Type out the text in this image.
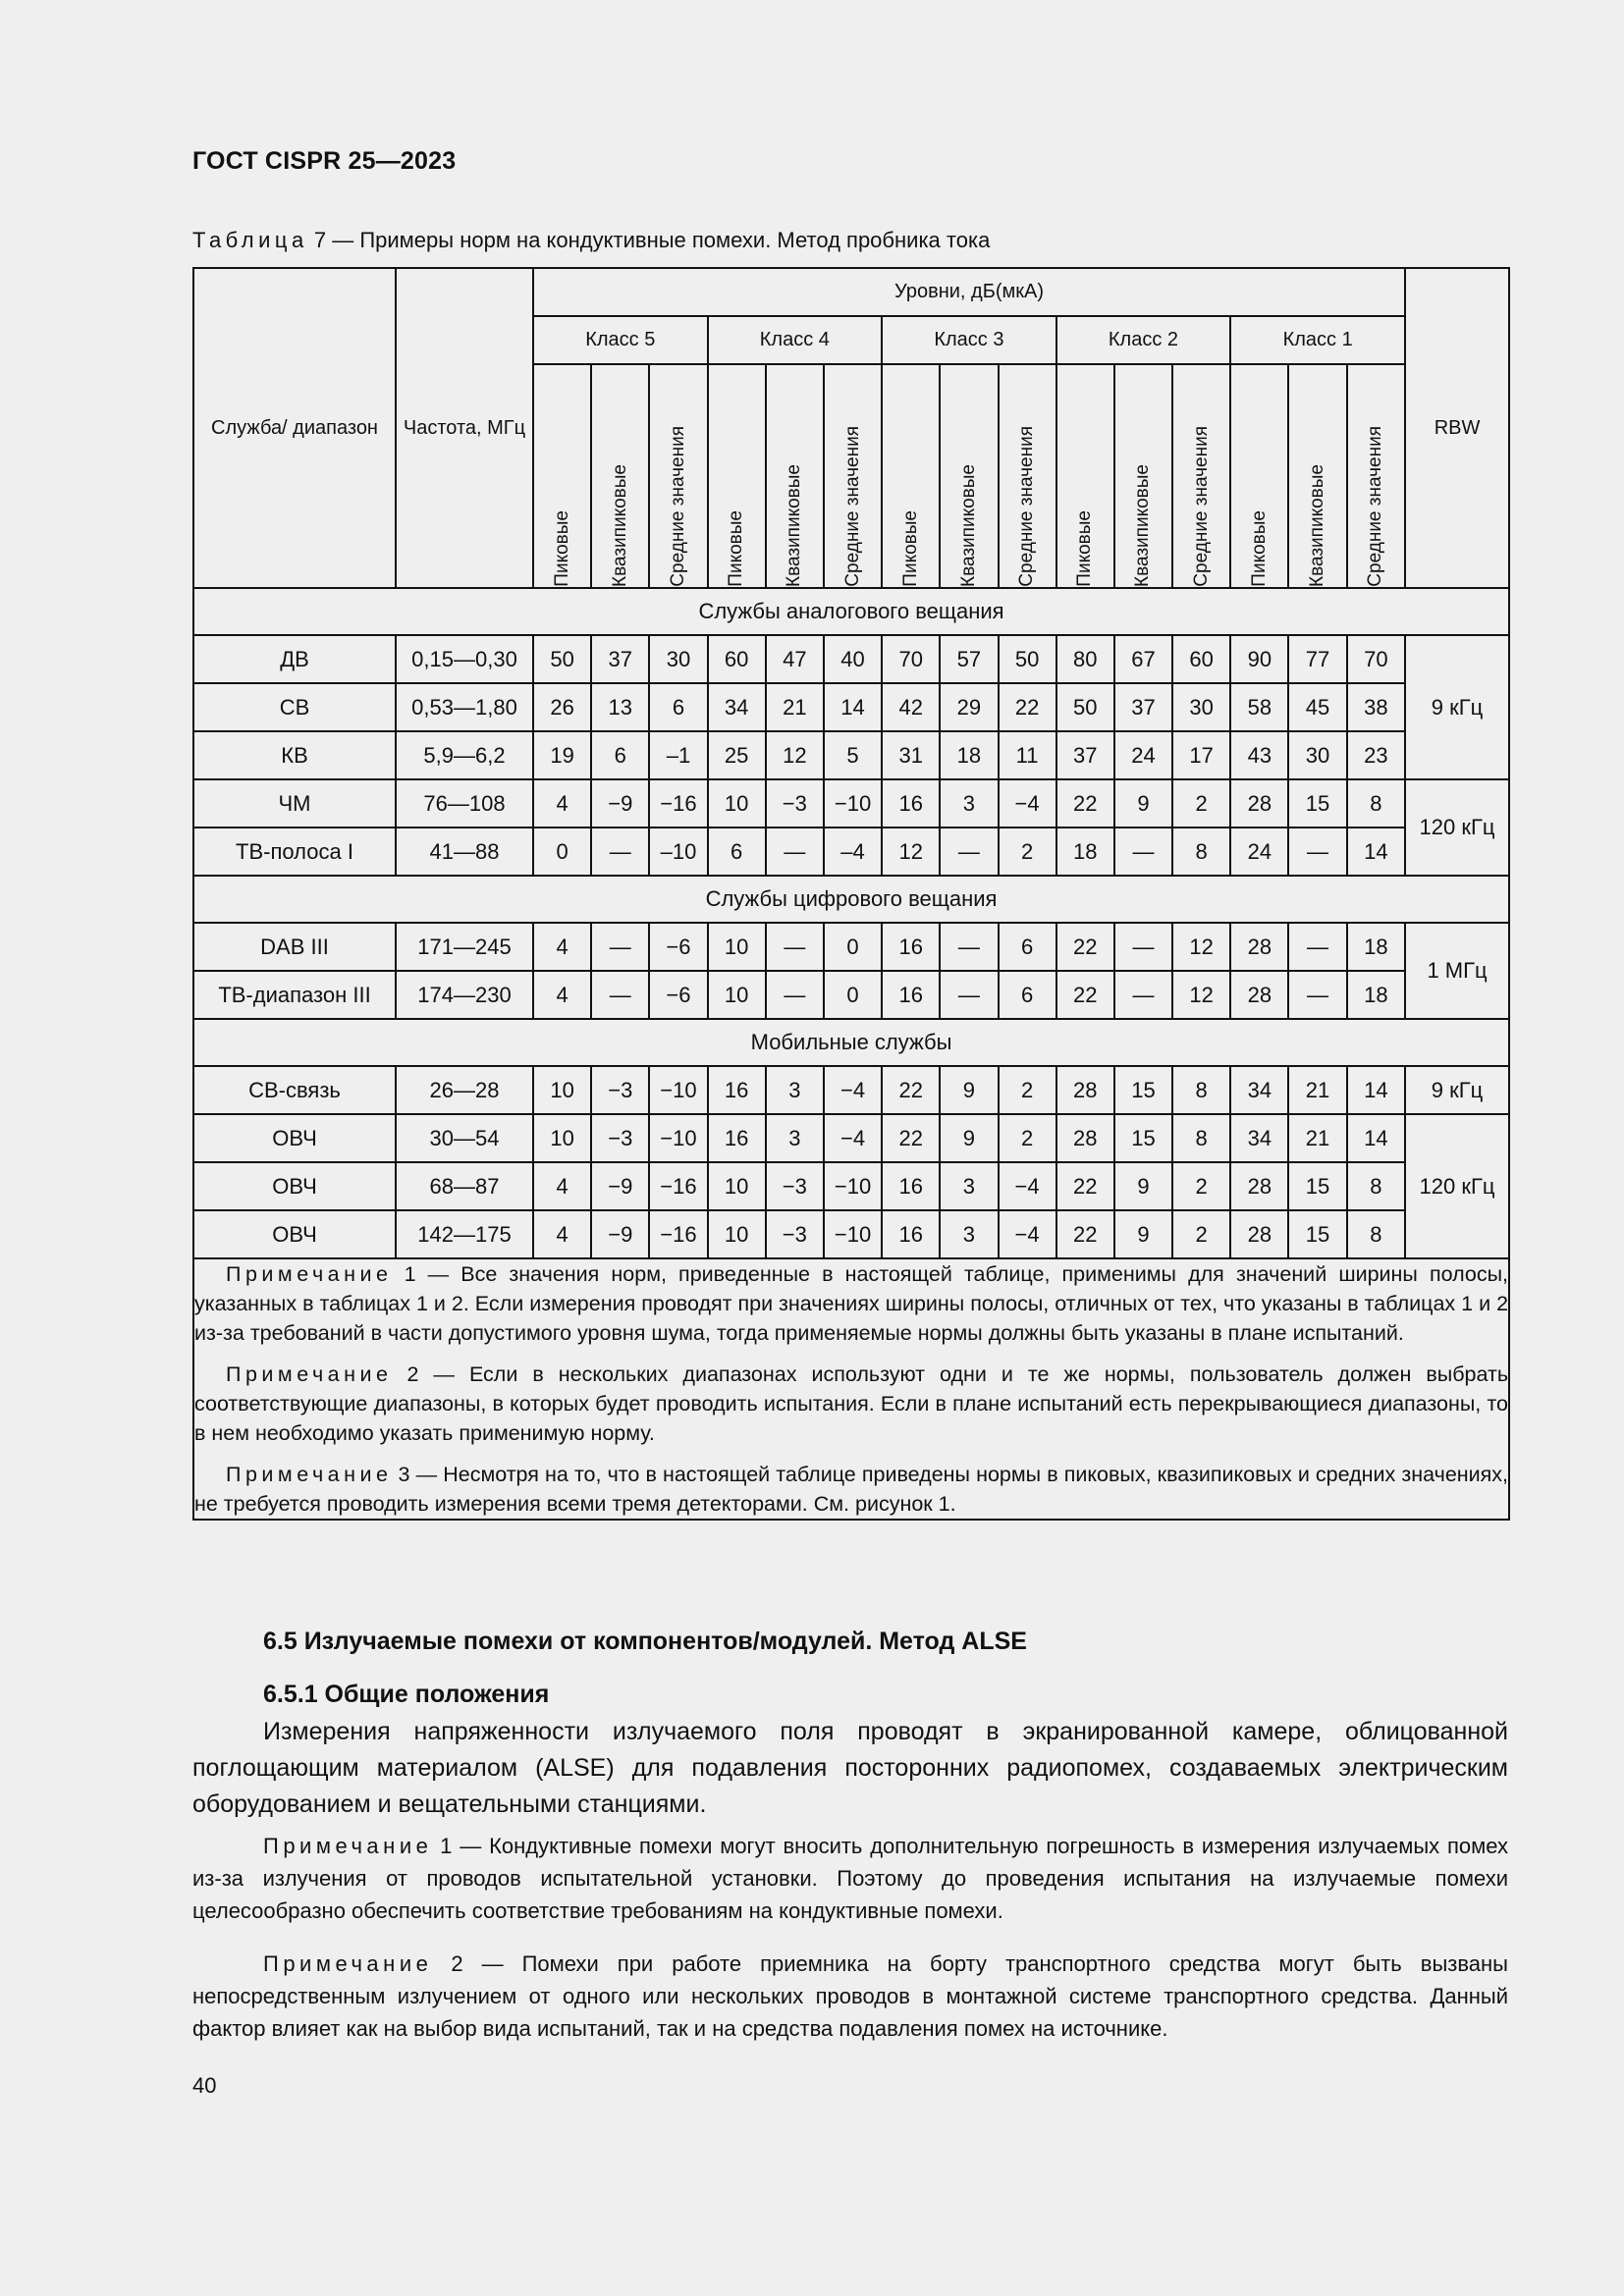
ГОСТ CISPR 25—2023
Таблица 7 — Примеры норм на кондуктивные помехи. Метод пробника тока
Служба/ диапазон	Частота, МГц	Уровни, дБ(мкА)															RBW
		Класс 5			Класс 4			Класс 3			Класс 2			Класс 1			

		Пиковые	Квазипиковые	Средние значения	Пиковые	Квазипиковые	Средние значения	Пиковые	Квазипиковые	Средние значения	Пиковые	Квазипиковые	Средние значения	Пиковые	Квазипиковые	Средние значения	

Службы аналогового вещания																	
ДВ	0,15—0,30	50	37	30	60	47	40	70	57	50	80	67	60	90	77	70	9 кГц
СВ	0,53—1,80	26	13	6	34	21	14	42	29	22	50	37	30	58	45	38	
КВ	5,9—6,2	19	6	–1	25	12	5	31	18	11	37	24	17	43	30	23	
ЧМ	76—108	4	−9	−16	10	−3	−10	16	3	−4	22	9	2	28	15	8	120 кГц
ТВ-полоса I	41—88	0	—	–10	6	—	–4	12	—	2	18	—	8	24	—	14	
Службы цифрового вещания																	
DAB III	171—245	4	—	−6	10	—	0	16	—	6	22	—	12	28	—	18	1 МГц
ТВ-диапазон III	174—230	4	—	−6	10	—	0	16	—	6	22	—	12	28	—	18	
Мобильные службы																	
СВ-связь	26—28	10	−3	−10	16	3	−4	22	9	2	28	15	8	34	21	14	9 кГц
ОВЧ	30—54	10	−3	−10	16	3	−4	22	9	2	28	15	8	34	21	14	120 кГц
ОВЧ	68—87	4	−9	−16	10	−3	−10	16	3	−4	22	9	2	28	15	8	
ОВЧ	142—175	4	−9	−16	10	−3	−10	16	3	−4	22	9	2	28	15	8	

Примечание 1 — Все значения норм, приведенные в настоящей таблице, применимы для значений ширины полосы, указанных в таблицах 1 и 2. Если измерения проводят при значениях ширины полосы, отличных от тех, что указаны в таблицах 1 и 2 из-за требований в части допустимого уровня шума, тогда применяемые нормы должны быть указаны в плане испытаний.

Примечание 2 — Если в нескольких диапазонах используют одни и те же нормы, пользователь должен выбрать соответствующие диапазоны, в которых будет проводить испытания. Если в плане испытаний есть перекрывающиеся диапазоны, то в нем необходимо указать применимую норму.

Примечание 3 — Несмотря на то, что в настоящей таблице приведены нормы в пиковых, квазипиковых и средних значениях, не требуется проводить измерения всеми тремя детекторами. См. рисунок 1.																	

6.5 Излучаемые помехи от компонентов/модулей. Метод ALSE
6.5.1 Общие положения

Измерения напряженности излучаемого поля проводят в экранированной камере, облицованной поглощающим материалом (ALSE) для подавления посторонних радиопомех, создаваемых электрическим оборудованием и вещательными станциями.

Примечание 1 — Кондуктивные помехи могут вносить дополнительную погрешность в измерения излучаемых помех из-за излучения от проводов испытательной установки. Поэтому до проведения испытания на излучаемые помехи целесообразно обеспечить соответствие требованиям на кондуктивные помехи.

Примечание 2 — Помехи при работе приемника на борту транспортного средства могут быть вызваны непосредственным излучением от одного или нескольких проводов в монтажной системе транспортного средства. Данный фактор влияет как на выбор вида испытаний, так и на средства подавления помех на источнике.

40
